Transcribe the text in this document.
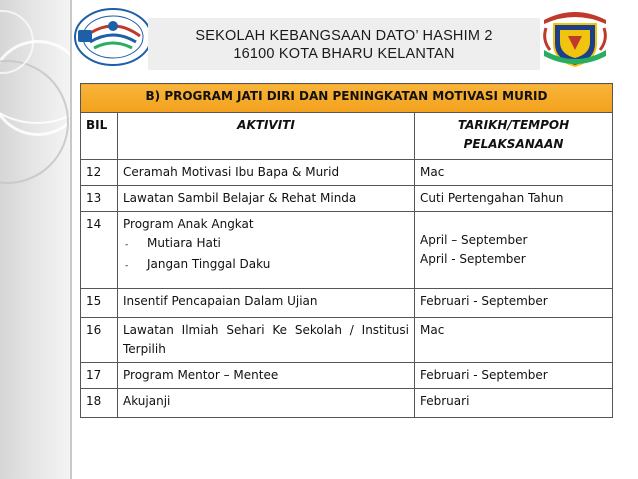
SEKOLAH KEBANGSAAN DATO’ HASHIM 2
16100 KOTA BHARU KELANTAN
B) PROGRAM JATI DIRI DAN PENINGKATAN MOTIVASI MURID		
BIL	AKTIVITI	TARIKH/TEMPOH
PELAKSANAAN
12	Ceramah Motivasi Ibu Bapa & Murid	Mac
13	Lawatan Sambil Belajar & Rehat Minda	Cuti Pertengahan Tahun
14	Program Anak Angkat
- Mutiara Hati
- Jangan Tinggal Daku	April – September
April - September
15	Insentif Pencapaian Dalam Ujian	Februari - September
16	Lawatan Ilmiah Sehari Ke Sekolah / Institusi Terpilih	Mac
17	Program Mentor – Mentee	Februari - September
18	Akujanji	Februari
